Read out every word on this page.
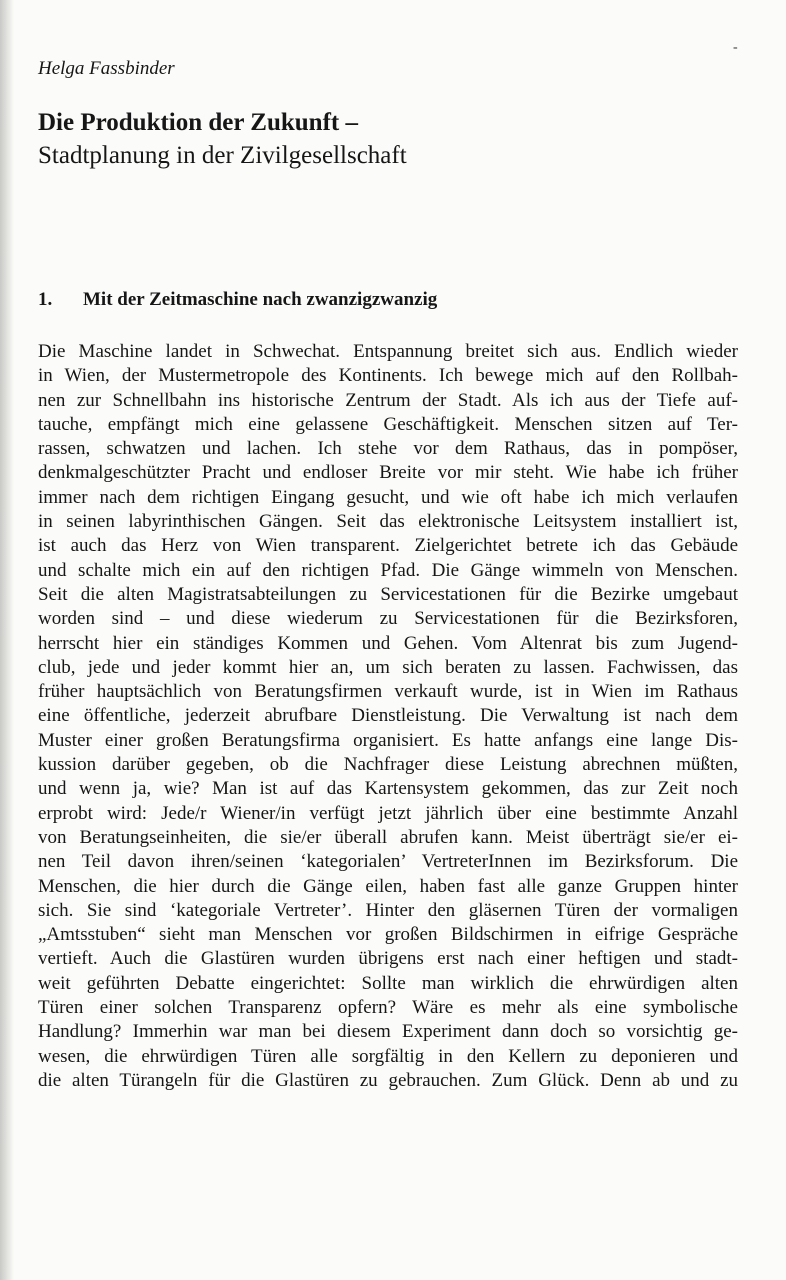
-
Helga Fassbinder
Die Produktion der Zukunft –
Stadtplanung in der Zivilgesellschaft
1. Mit der Zeitmaschine nach zwanzigzwanzig
Die Maschine landet in Schwechat. Entspannung breitet sich aus. Endlich wieder
in Wien, der Mustermetropole des Kontinents. Ich bewege mich auf den Rollbah-
nen zur Schnellbahn ins historische Zentrum der Stadt. Als ich aus der Tiefe auf-
tauche, empfängt mich eine gelassene Geschäftigkeit. Menschen sitzen auf Ter-
rassen, schwatzen und lachen. Ich stehe vor dem Rathaus, das in pompöser,
denkmalgeschützter Pracht und endloser Breite vor mir steht. Wie habe ich früher
immer nach dem richtigen Eingang gesucht, und wie oft habe ich mich verlaufen
in seinen labyrinthischen Gängen. Seit das elektronische Leitsystem installiert ist,
ist auch das Herz von Wien transparent. Zielgerichtet betrete ich das Gebäude
und schalte mich ein auf den richtigen Pfad. Die Gänge wimmeln von Menschen.
Seit die alten Magistratsabteilungen zu Servicestationen für die Bezirke umgebaut
worden sind – und diese wiederum zu Servicestationen für die Bezirksforen,
herrscht hier ein ständiges Kommen und Gehen. Vom Altenrat bis zum Jugend-
club, jede und jeder kommt hier an, um sich beraten zu lassen. Fachwissen, das
früher hauptsächlich von Beratungsfirmen verkauft wurde, ist in Wien im Rathaus
eine öffentliche, jederzeit abrufbare Dienstleistung. Die Verwaltung ist nach dem
Muster einer großen Beratungsfirma organisiert. Es hatte anfangs eine lange Dis-
kussion darüber gegeben, ob die Nachfrager diese Leistung abrechnen müßten,
und wenn ja, wie? Man ist auf das Kartensystem gekommen, das zur Zeit noch
erprobt wird: Jede/r Wiener/in verfügt jetzt jährlich über eine bestimmte Anzahl
von Beratungseinheiten, die sie/er überall abrufen kann. Meist überträgt sie/er ei-
nen Teil davon ihren/seinen ‘kategorialen’ VertreterInnen im Bezirksforum. Die
Menschen, die hier durch die Gänge eilen, haben fast alle ganze Gruppen hinter
sich. Sie sind ‘kategoriale Vertreter’. Hinter den gläsernen Türen der vormaligen
„Amtsstuben“ sieht man Menschen vor großen Bildschirmen in eifrige Gespräche
vertieft. Auch die Glastüren wurden übrigens erst nach einer heftigen und stadt-
weit geführten Debatte eingerichtet: Sollte man wirklich die ehrwürdigen alten
Türen einer solchen Transparenz opfern? Wäre es mehr als eine symbolische
Handlung? Immerhin war man bei diesem Experiment dann doch so vorsichtig ge-
wesen, die ehrwürdigen Türen alle sorgfältig in den Kellern zu deponieren und
die alten Türangeln für die Glastüren zu gebrauchen. Zum Glück. Denn ab und zu
